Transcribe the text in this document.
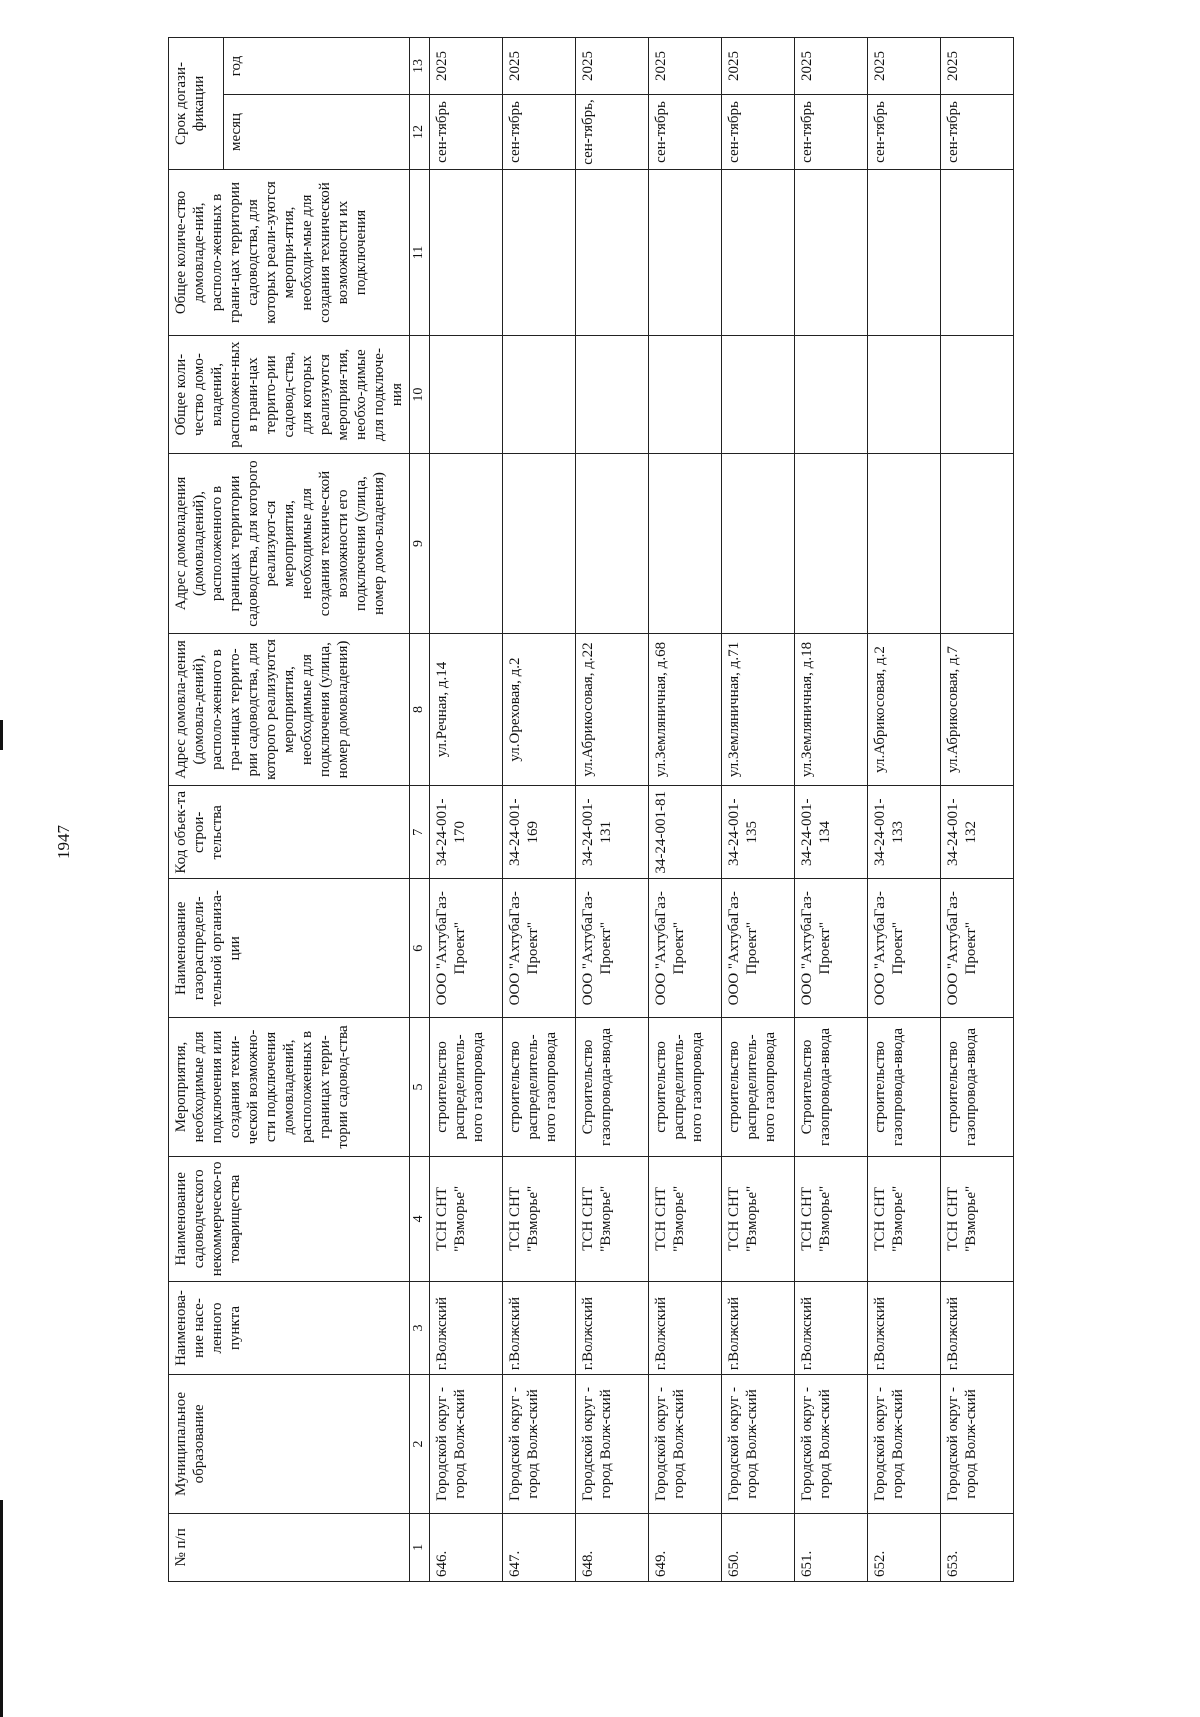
1947
№ п/п	Муниципальное образование	Наименова-ние насе-ленного пункта	Наименование садоводческого некоммерческо-го товарищества	Мероприятия, необходимые для подключения или создания техни-ческой возможно-сти подключения домовладений, расположенных в границах терри-тории садовод-ства	Наименование газораспредели-тельной организа-ции	Код объек-та строи-тельства	Адрес домовла-дения (домовла-дений), располо-женного в гра-ницах террито-рии садоводства, для которого реализуются мероприятия, необходимые для подключения (улица, номер домовладения)	Адрес домовладения (домовладений), расположенного в границах территории садоводства, для которого реализуют-ся мероприятия, необходимые для создания техниче-ской возможности его подключения (улица, номер домо-владения)	Общее коли-чество домо-владений, расположен-ных в грани-цах террито-рии садовод-ства, для которых реализуются мероприя-тия, необхо-димые для подключе-ния	Общее количе-ство домовладе-ний, располо-женных в грани-цах территории садоводства, для которых реали-зуются меропри-ятия, необходи-мые для создания технической возможности их подключения	Срок догази-фикации	
											месяц	год
1	2	3	4	5	6	7	8	9	10	11	12	13
646.	Городской округ - город Волж-ский	г.Волжский	ТСН СНТ "Взморье"	строительство распределитель-ного газопровода	ООО "АхтубаГаз-Проект"	34-24-001-170	ул.Речная, д.14				сен-тябрь	2025
647.	Городской округ - город Волж-ский	г.Волжский	ТСН СНТ "Взморье"	строительство распределитель-ного газопровода	ООО "АхтубаГаз-Проект"	34-24-001-169	ул.Ореховая, д.2				сен-тябрь	2025
648.	Городской округ - город Волж-ский	г.Волжский	ТСН СНТ "Взморье"	Строительство газопровода-ввода	ООО "АхтубаГаз-Проект"	34-24-001-131	ул.Абрикосовая, д.22				сен-тябрь,	2025
649.	Городской округ - город Волж-ский	г.Волжский	ТСН СНТ "Взморье"	строительство распределитель-ного газопровода	ООО "АхтубаГаз-Проект"	34-24-001-81	ул.Земляничная, д.68				сен-тябрь	2025
650.	Городской округ - город Волж-ский	г.Волжский	ТСН СНТ "Взморье"	строительство распределитель-ного газопровода	ООО "АхтубаГаз-Проект"	34-24-001-135	ул.Земляничная, д.71				сен-тябрь	2025
651.	Городской округ - город Волж-ский	г.Волжский	ТСН СНТ "Взморье"	Строительство газопровода-ввода	ООО "АхтубаГаз-Проект"	34-24-001-134	ул.Земляничная, д.18				сен-тябрь	2025
652.	Городской округ - город Волж-ский	г.Волжский	ТСН СНТ "Взморье"	строительство газопровода-ввода	ООО "АхтубаГаз-Проект"	34-24-001-133	ул.Абрикосовая, д.2				сен-тябрь	2025
653.	Городской округ - город Волж-ский	г.Волжский	ТСН СНТ "Взморье"	строительство газопровода-ввода	ООО "АхтубаГаз-Проект"	34-24-001-132	ул.Абрикосовая, д.7				сен-тябрь	2025
